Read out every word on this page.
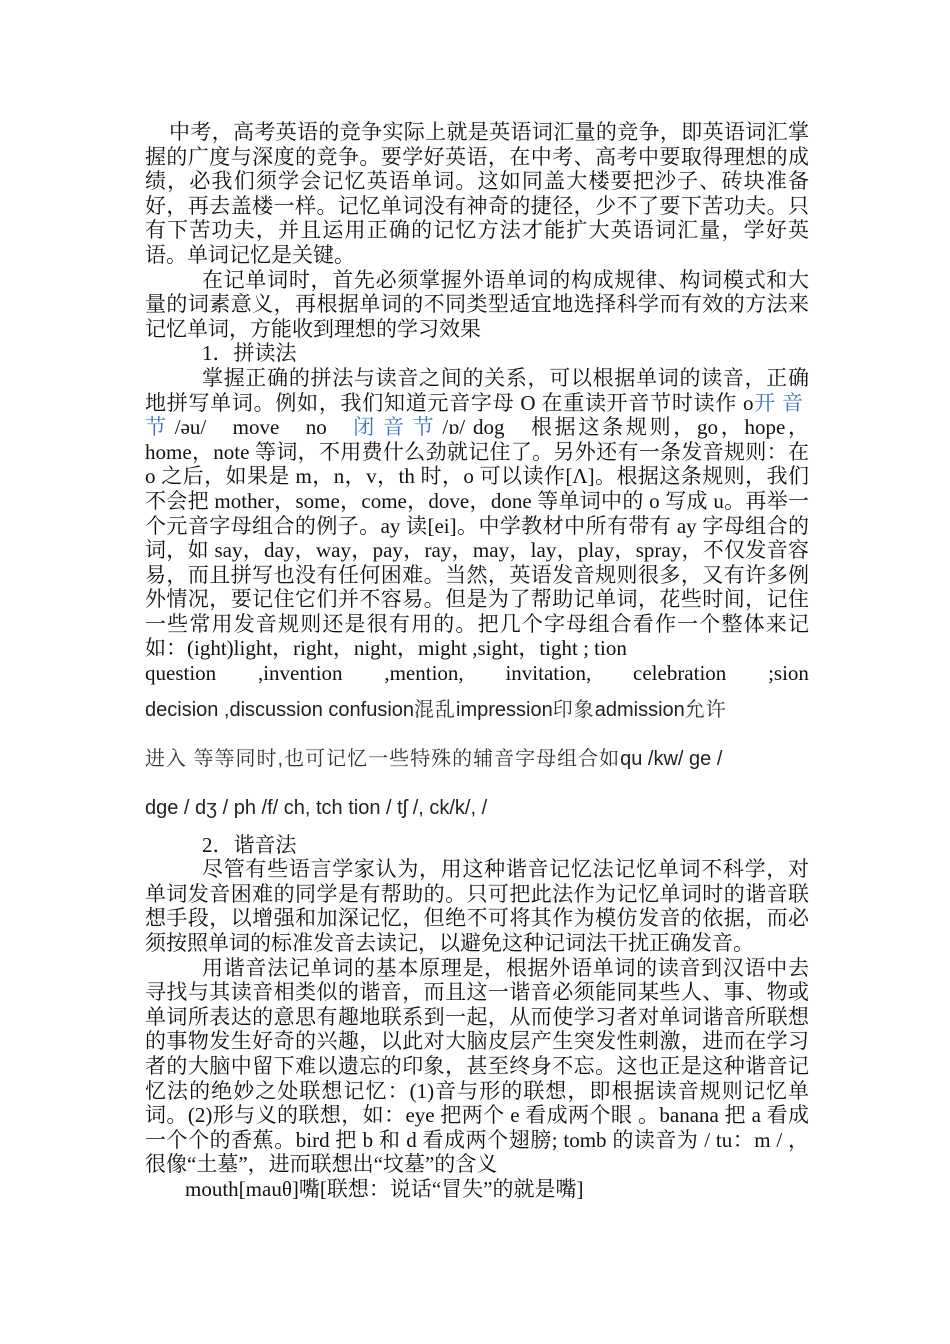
中考，高考英语的竞争实际上就是英语词汇量的竞争，即英语词汇掌握的广度与深度的竞争。要学好英语，在中考、高考中要取得理想的成绩，必我们须学会记忆英语单词。这如同盖大楼要把沙子、砖块准备好，再去盖楼一样。记忆单词没有神奇的捷径，少不了要下苦功夫。只有下苦功夫，并且运用正确的记忆方法才能扩大英语词汇量，学好英语。单词记忆是关键。

在记单词时，首先必须掌握外语单词的构成规律、构词模式和大量的词素意义，再根据单词的不同类型适宜地选择科学而有效的方法来记忆单词，方能收到理想的学习效果

1．拼读法

掌握正确的拼法与读音之间的关系，可以根据单词的读音，正确地拼写单词。例如，我们知道元音字母 O 在重读开音节时读作 o开音节/əu/　move　no　闭音节/ɒ/ dog　根据这条规则，go，hope，home，note 等词，不用费什么劲就记住了。另外还有一条发音规则：在 o 之后，如果是 m，n，v，th 时，o 可以读作[Λ]。根据这条规则，我们不会把 mother，some，come，dove，done 等单词中的 o 写成 u。再举一个元音字母组合的例子。ay 读[ei]。中学教材中所有带有 ay 字母组合的词，如 say，day，way，pay，ray，may，lay，play，spray，不仅发音容易，而且拼写也没有任何困难。当然，英语发音规则很多，又有许多例外情况，要记住它们并不容易。但是为了帮助记单词，花些时间，记住一些常用发音规则还是很有用的。把几个字母组合看作一个整体来记如：(ight)light，right，night，might ,sight，tight ; tion

question ,invention ,mention, invitation, celebration ;sion
decision ,discussion confusion 混乱 impression 印象 admission 允许
进入 等等同时,也可记忆一些特殊的辅音字母组合如 qu /kw/ ge /
dge / dʒ / ph /f/ ch, tch tion / tʃ /, ck/k/, /

2．谐音法

尽管有些语言学家认为，用这种谐音记忆法记忆单词不科学，对单词发音困难的同学是有帮助的。只可把此法作为记忆单词时的谐音联想手段，以增强和加深记忆，但绝不可将其作为模仿发音的依据，而必须按照单词的标准发音去读记，以避免这种记词法干扰正确发音。

用谐音法记单词的基本原理是，根据外语单词的读音到汉语中去寻找与其读音相类似的谐音，而且这一谐音必须能同某些人、事、物或单词所表达的意思有趣地联系到一起，从而使学习者对单词谐音所联想的事物发生好奇的兴趣，以此对大脑皮层产生突发性刺激，进而在学习者的大脑中留下难以遗忘的印象，甚至终身不忘。这也正是这种谐音记忆法的绝妙之处联想记忆：(1)音与形的联想，即根据读音规则记忆单词。(2)形与义的联想，如：eye 把两个 e 看成两个眼 。banana 把 a 看成一个个的香蕉。bird 把 b 和 d 看成两个翅膀; tomb 的读音为 / tu：m / ，很像“土墓”，进而联想出“坟墓”的含义

mouth[mauθ]嘴[联想：说话“冒失”的就是嘴]
